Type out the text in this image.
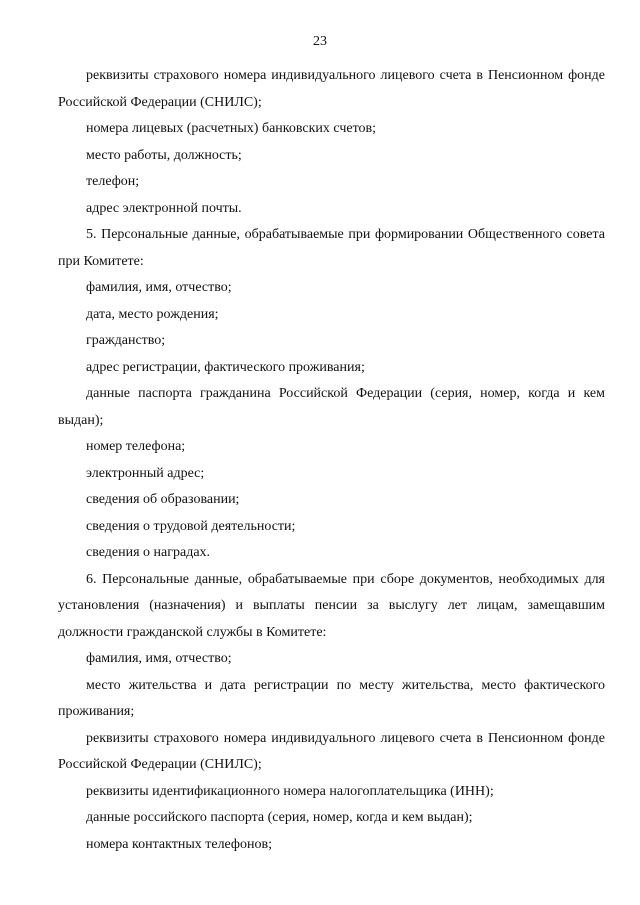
23

реквизиты страхового номера индивидуального лицевого счета в Пенсионном фонде Российской Федерации (СНИЛС);

номера лицевых (расчетных) банковских счетов;

место работы, должность;

телефон;

адрес электронной почты.

5. Персональные данные, обрабатываемые при формировании Общественного совета при Комитете:

фамилия, имя, отчество;

дата, место рождения;

гражданство;

адрес регистрации, фактического проживания;

данные паспорта гражданина Российской Федерации (серия, номер, когда и кем выдан);

номер телефона;

электронный адрес;

сведения об образовании;

сведения о трудовой деятельности;

сведения о наградах.

6. Персональные данные, обрабатываемые при сборе документов, необходимых для установления (назначения) и выплаты пенсии за выслугу лет лицам, замещавшим должности гражданской службы в Комитете:

фамилия, имя, отчество;

место жительства и дата регистрации по месту жительства, место фактического проживания;

реквизиты страхового номера индивидуального лицевого счета в Пенсионном фонде Российской Федерации (СНИЛС);

реквизиты идентификационного номера налогоплательщика (ИНН);

данные российского паспорта (серия, номер, когда и кем выдан);

номера контактных телефонов;
